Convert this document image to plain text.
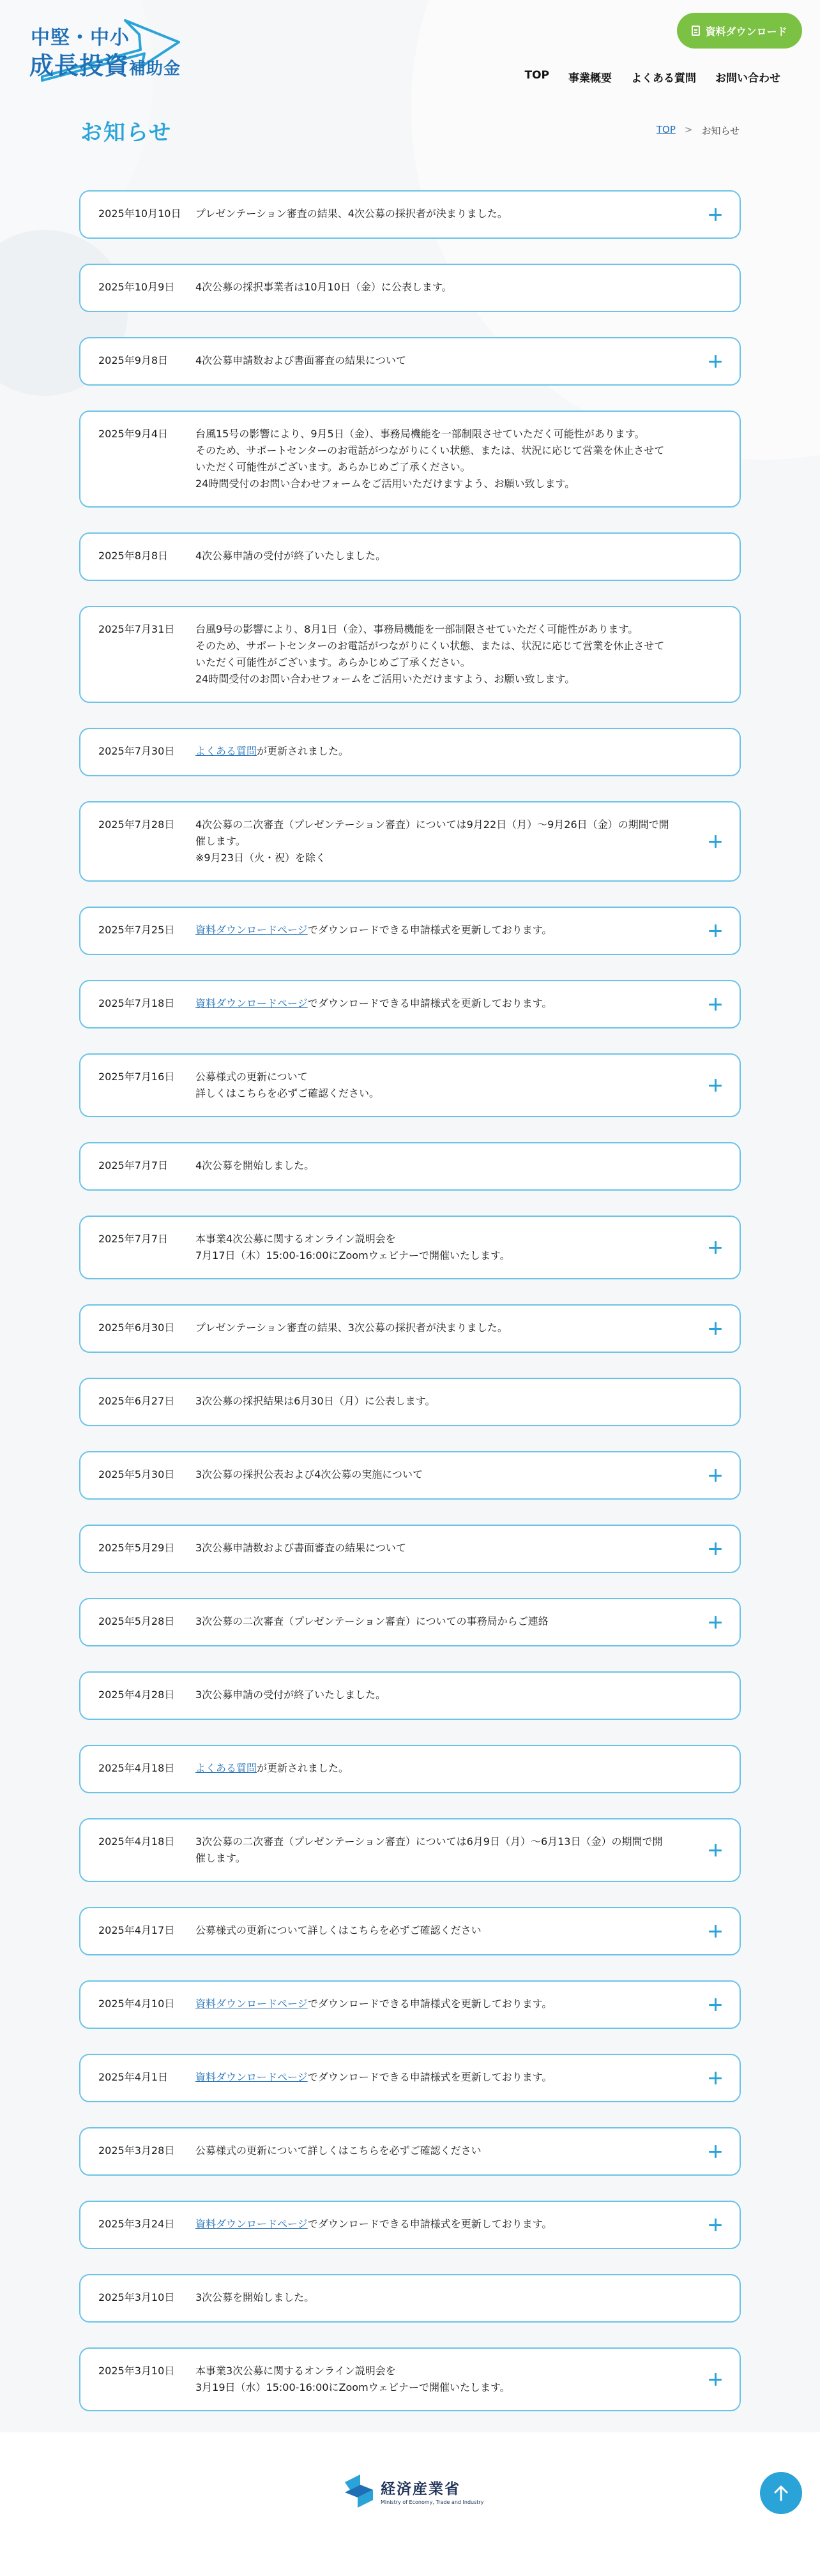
中堅・中小
成長投資補助金
資料ダウンロード
TOP 事業概要 よくある質問 お問い合わせ
お知らせ	TOP > お知らせ
2025年10月10日	プレゼンテーション審査の結果、4次公募の採択者が決まりました。
2025年10月9日	4次公募の採択事業者は10月10日（金）に公表します。
2025年9月8日	4次公募申請数および書面審査の結果について
2025年9月4日	台風15号の影響により、9月5日（金）、事務局機能を一部制限させていただく可能性があります。
そのため、サポートセンターのお電話がつながりにくい状態、または、状況に応じて営業を休止させて
いただく可能性がございます。あらかじめご了承ください。
24時間受付のお問い合わせフォームをご活用いただけますよう、お願い致します。
2025年8月8日	4次公募申請の受付が終了いたしました。
2025年7月31日	台風9号の影響により、8月1日（金）、事務局機能を一部制限させていただく可能性があります。
そのため、サポートセンターのお電話がつながりにくい状態、または、状況に応じて営業を休止させて
いただく可能性がございます。あらかじめご了承ください。
24時間受付のお問い合わせフォームをご活用いただけますよう、お願い致します。
2025年7月30日	よくある質問が更新されました。
2025年7月28日	4次公募の二次審査（プレゼンテーション審査）については9月22日（月）〜9月26日（金）の期間で開
催します。
※9月23日（火・祝）を除く
2025年7月25日	資料ダウンロードページでダウンロードできる申請様式を更新しております。
2025年7月18日	資料ダウンロードページでダウンロードできる申請様式を更新しております。
2025年7月16日	公募様式の更新について
詳しくはこちらを必ずご確認ください。
2025年7月7日	4次公募を開始しました。
2025年7月7日	本事業4次公募に関するオンライン説明会を
7月17日（木）15:00-16:00にZoomウェビナーで開催いたします。
2025年6月30日	プレゼンテーション審査の結果、3次公募の採択者が決まりました。
2025年6月27日	3次公募の採択結果は6月30日（月）に公表します。
2025年5月30日	3次公募の採択公表および4次公募の実施について
2025年5月29日	3次公募申請数および書面審査の結果について
2025年5月28日	3次公募の二次審査（プレゼンテーション審査）についての事務局からご連絡
2025年4月28日	3次公募申請の受付が終了いたしました。
2025年4月18日	よくある質問が更新されました。
2025年4月18日	3次公募の二次審査（プレゼンテーション審査）については6月9日（月）〜6月13日（金）の期間で開
催します。
2025年4月17日	公募様式の更新について詳しくはこちらを必ずご確認ください
2025年4月10日	資料ダウンロードページでダウンロードできる申請様式を更新しております。
2025年4月1日	資料ダウンロードページでダウンロードできる申請様式を更新しております。
2025年3月28日	公募様式の更新について詳しくはこちらを必ずご確認ください
2025年3月24日	資料ダウンロードページでダウンロードできる申請様式を更新しております。
2025年3月10日	3次公募を開始しました。
2025年3月10日	本事業3次公募に関するオンライン説明会を
3月19日（水）15:00-16:00にZoomウェビナーで開催いたします。
経済産業省
Ministry of Economy, Trade and Industry
